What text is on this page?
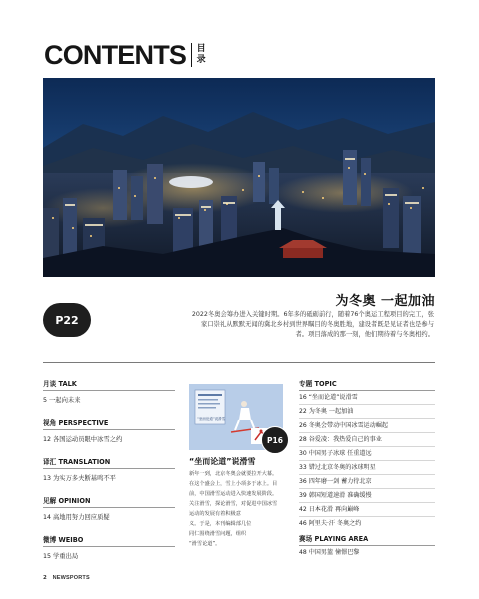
CONTENTS 目
录
为冬奥 一起加油
P22	2022冬奥会筹办进入关键时期。6年多的砥砺前行，随着76个奥运工程项目的完工，张
家口崇礼从默默无闻的冀北乡村到世界瞩目的冬奥胜地，建设者既是见证者也是参与
者。项目落成的那一刻，他们期待着与冬奥相约。
月谈 TALK
5 一起向未来
视角 PERSPECTIVE
12 各国运动员眼中冰雪之约
译汇 TRANSLATION
13 为实万多夫断基鸣不平
见解 OPINION
14 高地用努力回应质疑
微博 WEIBO
15 学重出局
“坐而论道”说滑雪
P16
“坐而论道”说滑雪
新年一到，北京冬奥会就要拉开大幕。
在这个盛会上，雪上小项多于冰上。目
前，中国滑雪运动进入快速发展阶段。
关注滑雪，探论滑雪，对促进中国冰雪
运动的发展有着积极意
义。于是，本刊编辑部几位
同仁围绕滑雪问题，组织
“滑雪论道”。
专题 TOPIC
16 “坐而论道”说滑雪
22 为冬奥 一起加油
26 冬奥会带动中国冰雪运动崛起
28 谷爱凌：我热爱自己的事业
30 中国男子冰球 任重道远
33 错过北京冬奥的冰球明星
36 四年磨一剑 蓄力待北京
39 韩国短道速滑 准确缓慢
42 日本花滑 再向巅峰
46 阿里夫·汗 冬奥之约
赛场 PLAYING AREA
48 中国男篮 憧憬巴黎
2 NEWSPORTS
